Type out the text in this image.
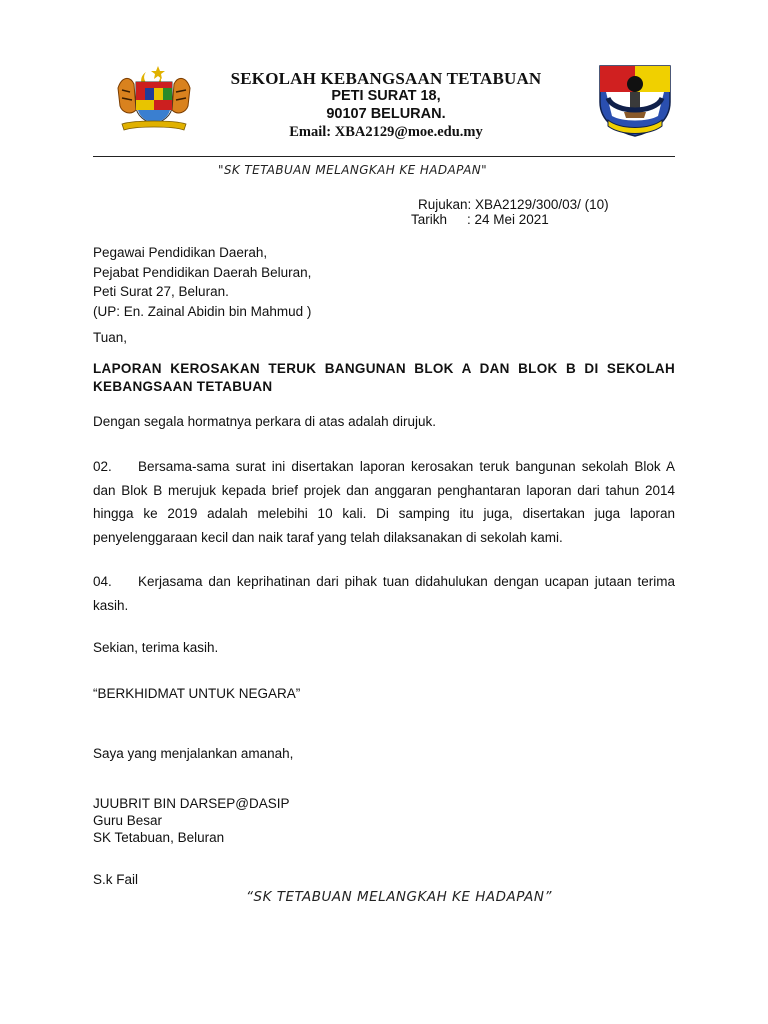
SEKOLAH KEBANGSAAN TETABUAN
PETI SURAT 18,
90107 BELURAN.
Email: XBA2129@moe.edu.my
"SK TETABUAN MELANGKAH KE HADAPAN"
Rujukan: XBA2129/300/03/ (10)
Tarikh : 24 Mei 2021
Pegawai Pendidikan Daerah,
Pejabat Pendidikan Daerah Beluran,
Peti Surat 27, Beluran.
(UP: En. Zainal Abidin bin Mahmud )
Tuan,
LAPORAN KEROSAKAN TERUK BANGUNAN BLOK A DAN BLOK B DI SEKOLAH KEBANGSAAN TETABUAN
Dengan segala hormatnya perkara di atas adalah dirujuk.
02. Bersama-sama surat ini disertakan laporan kerosakan teruk bangunan sekolah Blok A dan Blok B merujuk kepada brief projek dan anggaran penghantaran laporan dari tahun 2014 hingga ke 2019 adalah melebihi 10 kali. Di samping itu juga, disertakan juga laporan penyelenggaraan kecil dan naik taraf yang telah dilaksanakan di sekolah kami.
04. Kerjasama dan keprihatinan dari pihak tuan didahulukan dengan ucapan jutaan terima kasih.
Sekian, terima kasih.
“BERKHIDMAT UNTUK NEGARA”
Saya yang menjalankan amanah,
JUUBRIT BIN DARSEP@DASIP
Guru Besar
SK Tetabuan, Beluran
S.k Fail
“SK TETABUAN MELANGKAH KE HADAPAN”
